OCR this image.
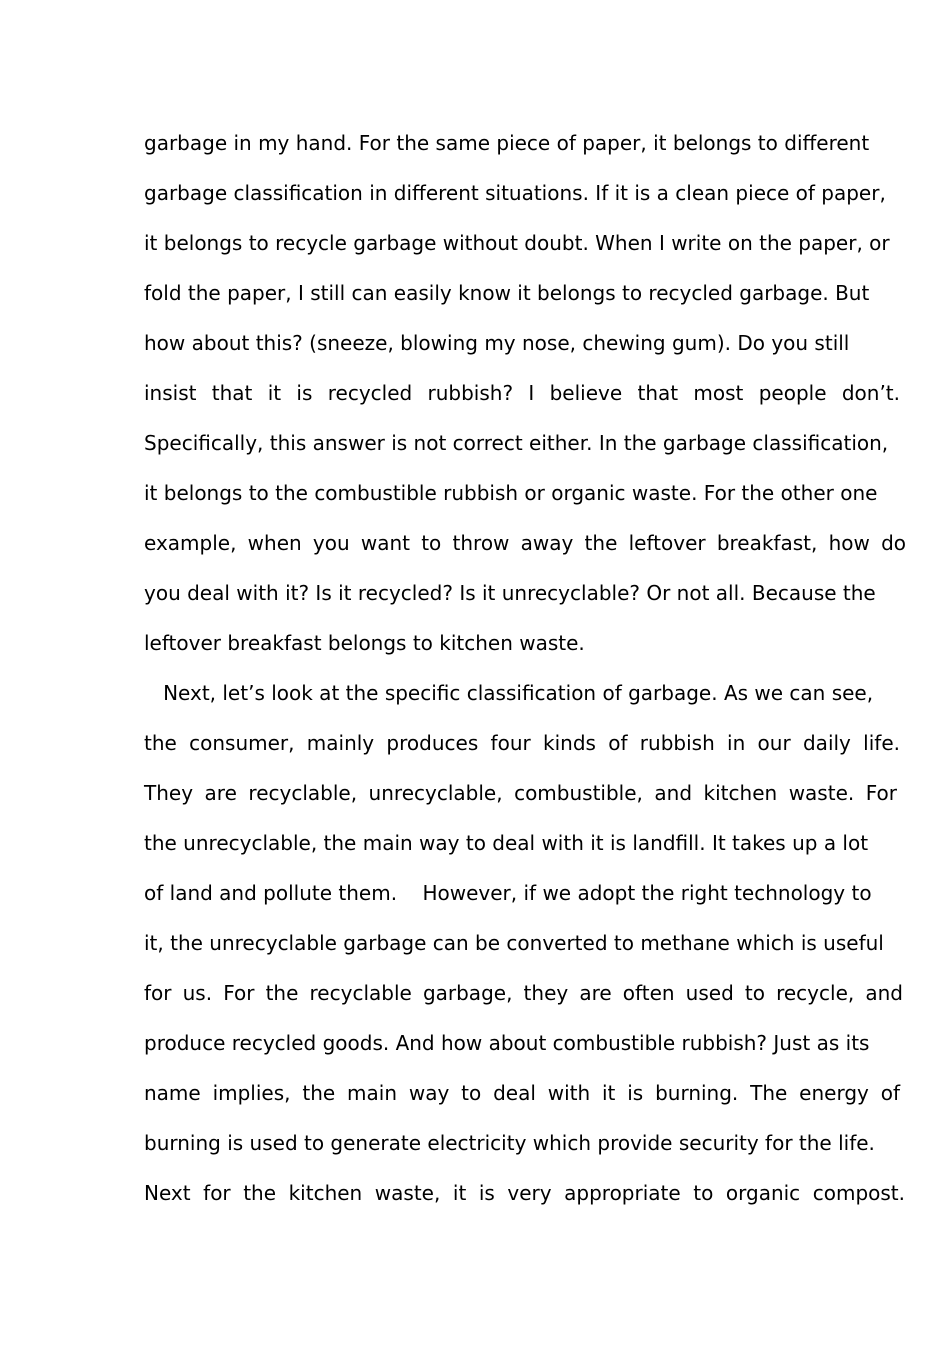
garbage in my hand. For the same piece of paper, it belongs to different
garbage classification in different situations. If it is a clean piece of paper,
it belongs to recycle garbage without doubt. When I write on the paper, or
fold the paper, I still can easily know it belongs to recycled garbage. But
how about this? (sneeze, blowing my nose, chewing gum). Do you still
insist that it is recycled rubbish? I believe that most people don’t.
Specifically, this answer is not correct either. In the garbage classification,
it belongs to the combustible rubbish or organic waste. For the other one
example, when you want to throw away the leftover breakfast, how do
you deal with it? Is it recycled? Is it unrecyclable? Or not all. Because the
leftover breakfast belongs to kitchen waste.
Next, let’s look at the specific classification of garbage. As we can see,
the consumer, mainly produces four kinds of rubbish in our daily life.
They are recyclable, unrecyclable, combustible, and kitchen waste. For
the unrecyclable, the main way to deal with it is landfill. It takes up a lot
of land and pollute them.    However, if we adopt the right technology to
it, the unrecyclable garbage can be converted to methane which is useful
for us. For the recyclable garbage, they are often used to recycle, and
produce recycled goods. And how about combustible rubbish? Just as its
name implies, the main way to deal with it is burning. The energy of
burning is used to generate electricity which provide security for the life.
Next for the kitchen waste, it is very appropriate to organic compost.
